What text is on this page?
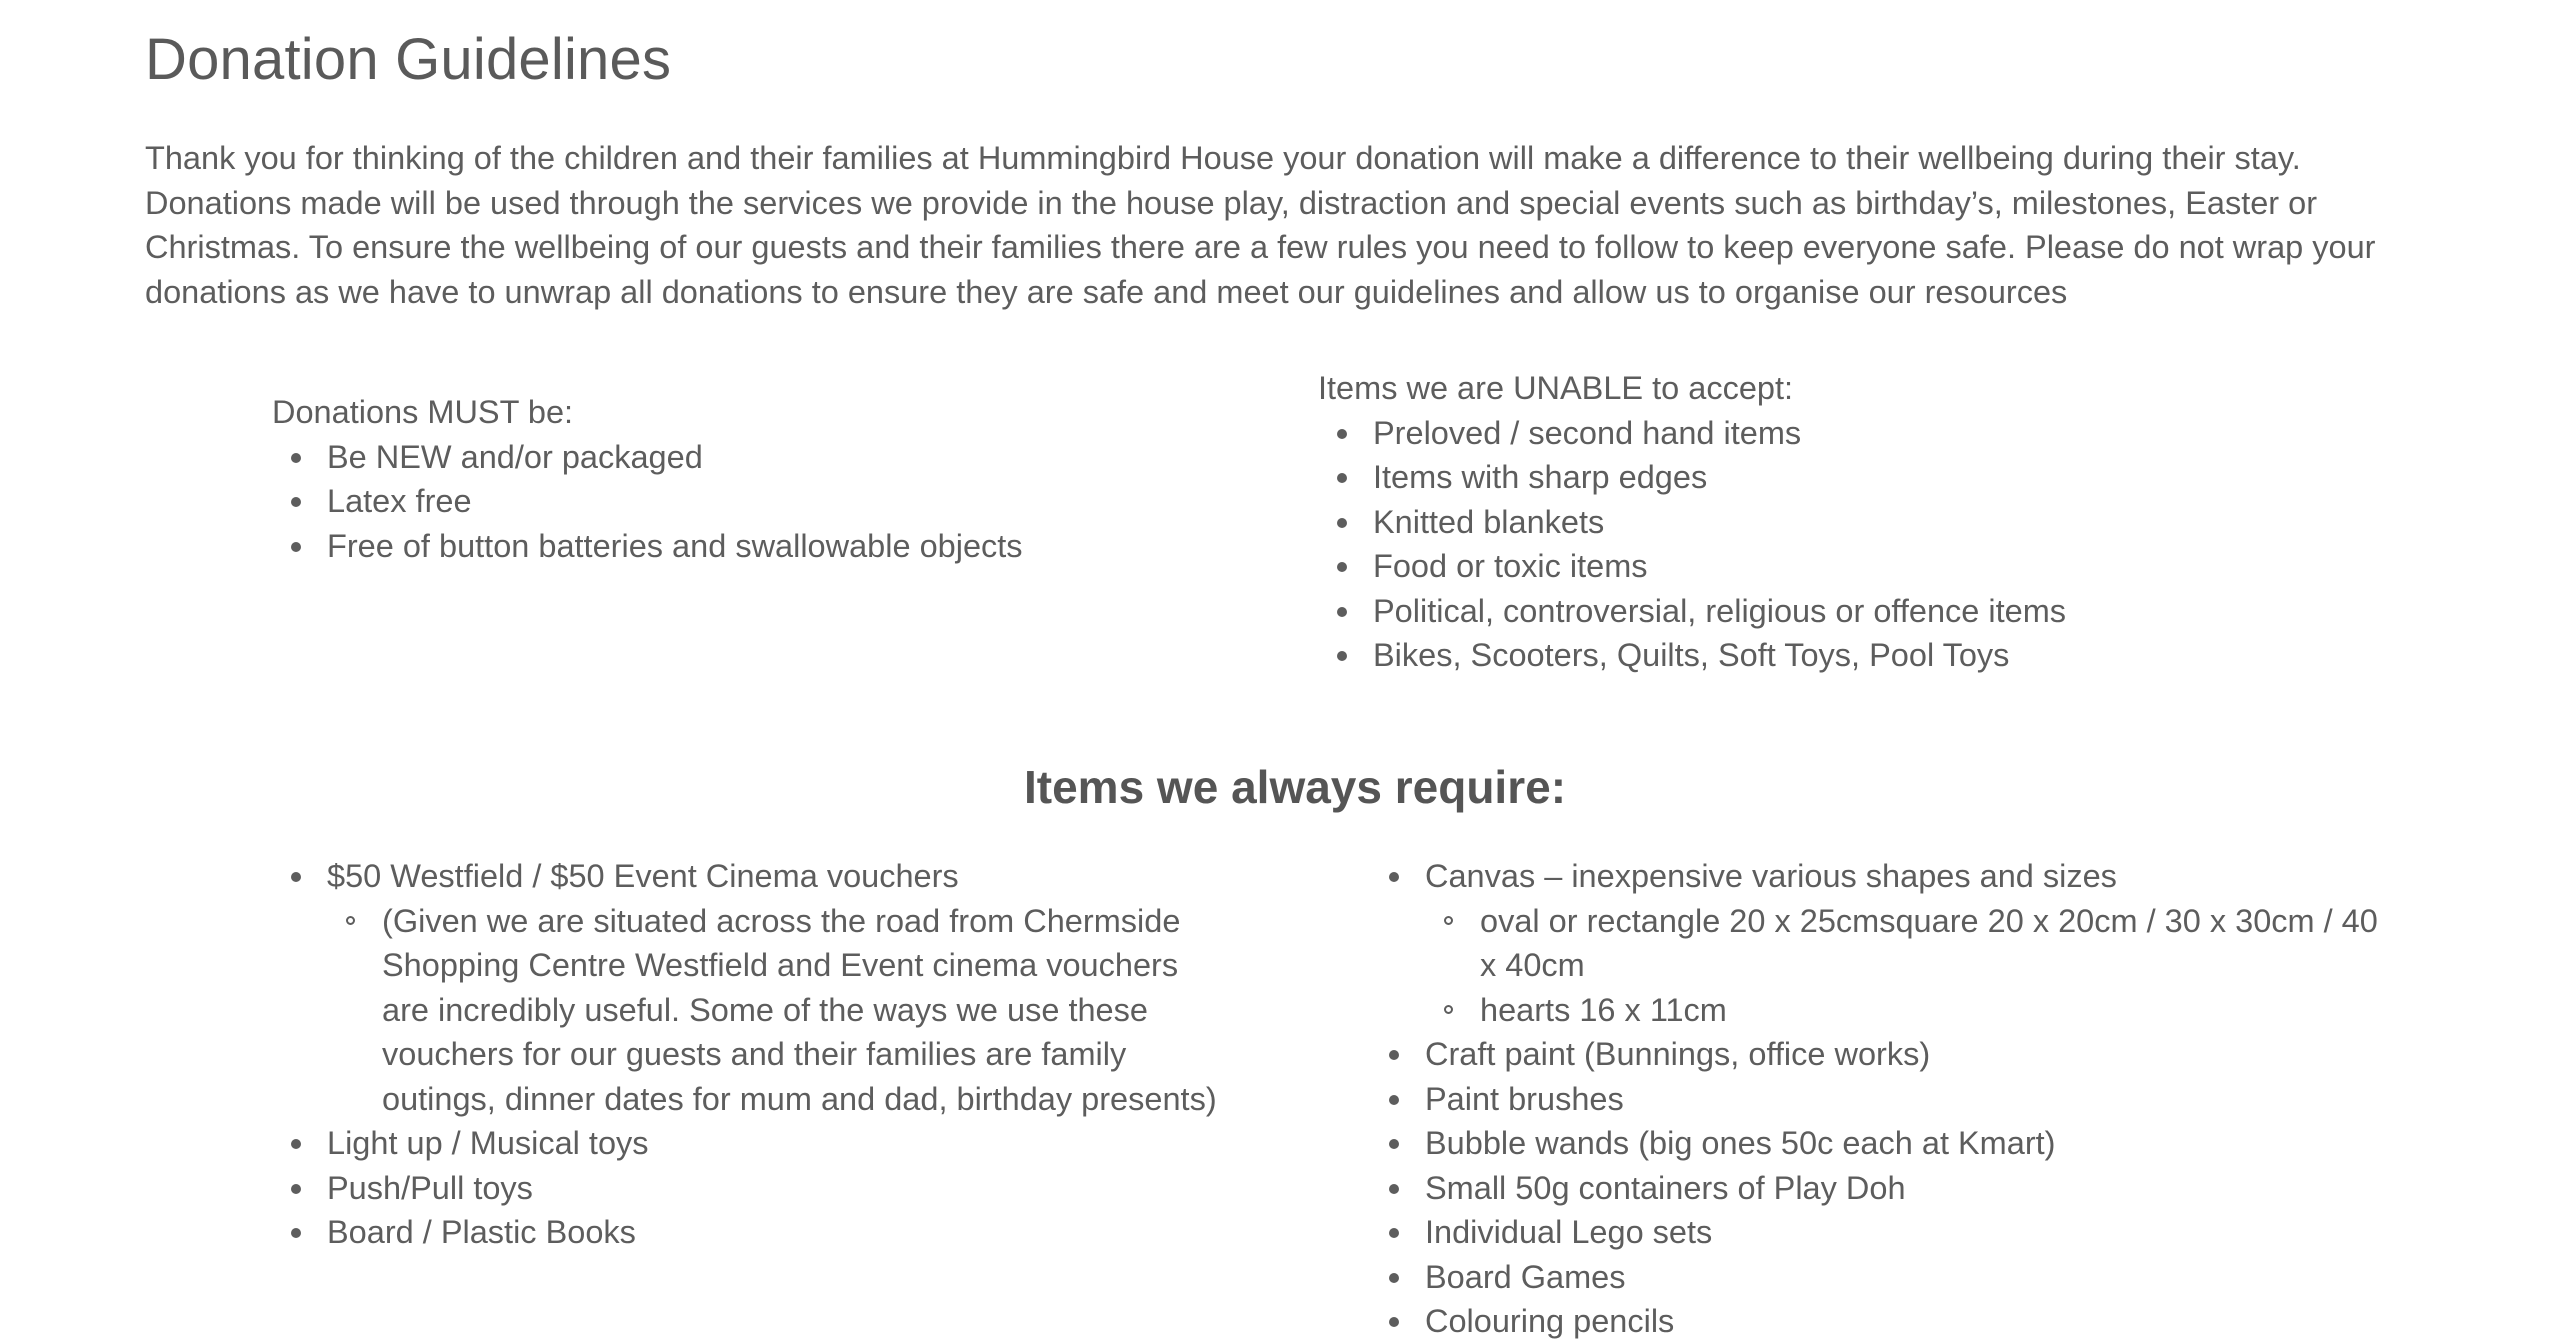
Donation Guidelines

Thank you for thinking of the children and their families at Hummingbird House your donation will make a difference to their wellbeing during their stay. Donations made will be used through the services we provide in the house play, distraction and special events such as birthday’s, milestones, Easter or Christmas. To ensure the wellbeing of our guests and their families there are a few rules you need to follow to keep everyone safe. Please do not wrap your donations as we have to unwrap all donations to ensure they are safe and meet our guidelines and allow us to organise our resources

Donations MUST be:
Be NEW and/or packaged
Latex free
Free of button batteries and swallowable objects
Items we are UNABLE to accept:
Preloved / second hand items
Items with sharp edges
Knitted blankets
Food or toxic items
Political, controversial, religious or offence items
Bikes, Scooters, Quilts, Soft Toys, Pool Toys
Items we always require:
$50 Westfield / $50 Event Cinema vouchers
(Given we are situated across the road from Chermside Shopping Centre Westfield and Event cinema vouchers are incredibly useful. Some of the ways we use these vouchers for our guests and their families are family outings, dinner dates for mum and dad, birthday presents)
Light up / Musical toys
Push/Pull toys
Board / Plastic Books
Canvas – inexpensive various shapes and sizes
oval or rectangle 20 x 25cmsquare 20 x 20cm / 30 x 30cm / 40 x 40cm
hearts 16 x 11cm
Craft paint (Bunnings, office works)
Paint brushes
Bubble wands (big ones 50c each at Kmart)
Small 50g containers of Play Doh
Individual Lego sets
Board Games
Colouring pencils
